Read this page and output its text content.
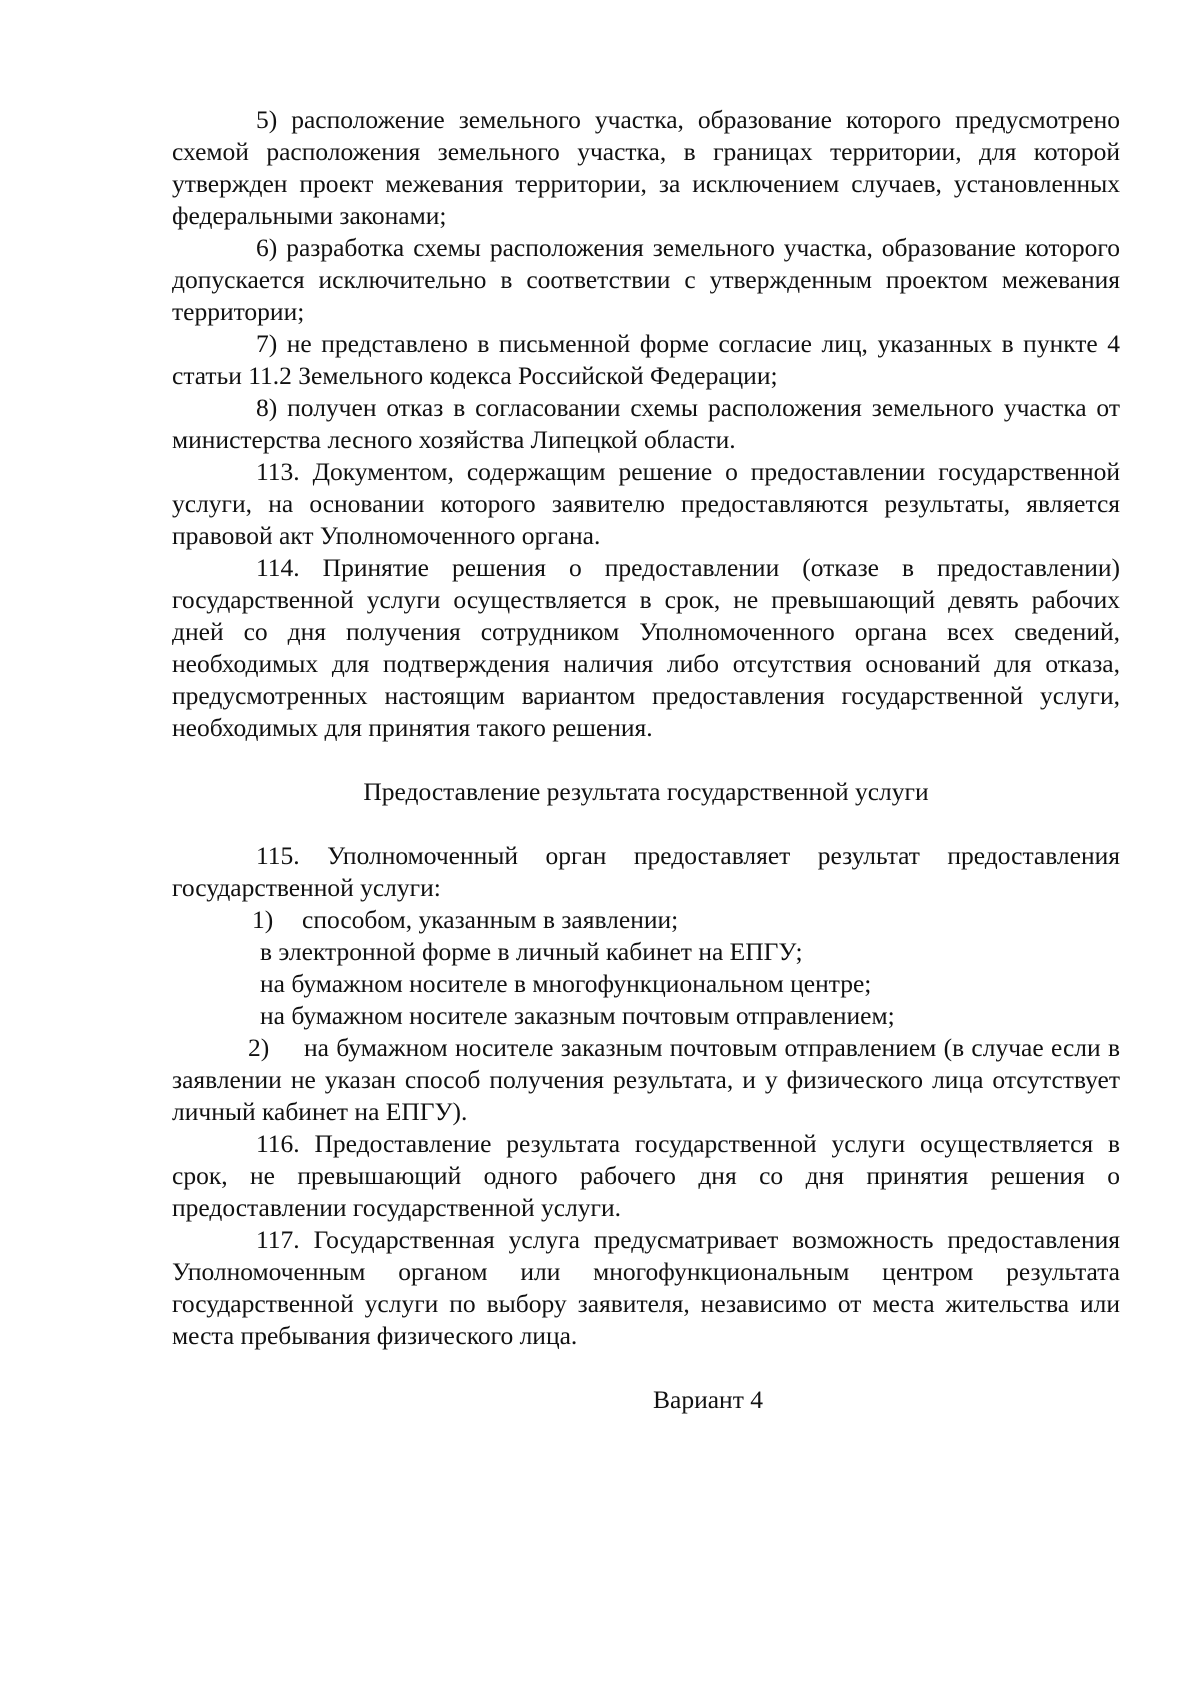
5) расположение земельного участка, образование которого предусмотрено схемой расположения земельного участка, в границах территории, для которой утвержден проект межевания территории, за исключением случаев, установленных федеральными законами;

6) разработка схемы расположения земельного участка, образование которого допускается исключительно в соответствии с утвержденным проектом межевания территории;

7) не представлено в письменной форме согласие лиц, указанных в пункте 4 статьи 11.2 Земельного кодекса Российской Федерации;

8) получен отказ в согласовании схемы расположения земельного участка от министерства лесного хозяйства Липецкой области.

113. Документом, содержащим решение о предоставлении государственной услуги, на основании которого заявителю предоставляются результаты, является правовой акт Уполномоченного органа.

114. Принятие решения о предоставлении (отказе в предоставлении) государственной услуги осуществляется в срок, не превышающий девять рабочих дней со дня получения сотрудником Уполномоченного органа всех сведений, необходимых для подтверждения наличия либо отсутствия оснований для отказа, предусмотренных настоящим вариантом предоставления государственной услуги, необходимых для принятия такого решения.

Предоставление результата государственной услуги

115. Уполномоченный орган предоставляет результат предоставления государственной услуги:

1) способом, указанным в заявлении;

в электронной форме в личный кабинет на ЕПГУ;

на бумажном носителе в многофункциональном центре;

на бумажном носителе заказным почтовым отправлением;

2) на бумажном носителе заказным почтовым отправлением (в случае если в заявлении не указан способ получения результата, и у физического лица отсутствует личный кабинет на ЕПГУ).

116. Предоставление результата государственной услуги осуществляется в срок, не превышающий одного рабочего дня со дня принятия решения о предоставлении государственной услуги.

117. Государственная услуга предусматривает возможность предоставления Уполномоченным органом или многофункциональным центром результата государственной услуги по выбору заявителя, независимо от места жительства или места пребывания физического лица.

Вариант 4
